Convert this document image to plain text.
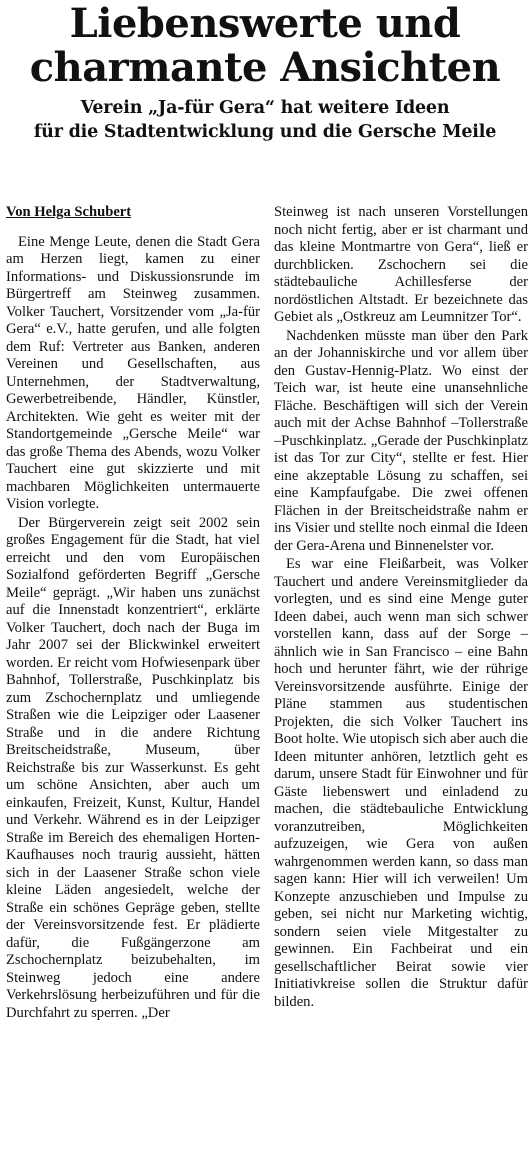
Liebenswerte und
charmante Ansichten
Verein „Ja-für Gera“ hat weitere Ideen
für die Stadtentwicklung und die Gersche Meile
Von Helga Schubert

Eine Menge Leute, denen die Stadt Gera am Herzen liegt, kamen zu einer Informations- und Diskussionsrunde im Bürgertreff am Steinweg zusammen. Volker Tauchert, Vorsitzender vom „Ja-für Gera“ e.V., hatte gerufen, und alle folgten dem Ruf: Vertreter aus Banken, anderen Vereinen und Gesellschaften, aus Unternehmen, der Stadtverwaltung, Gewerbetreibende, Händler, Künstler, Architekten. Wie geht es weiter mit der Standortgemeinde „Gersche Meile“ war das große Thema des Abends, wozu Volker Tauchert eine gut skizzierte und mit machbaren Möglichkeiten untermauerte Vision vorlegte.

Der Bürgerverein zeigt seit 2002 sein großes Engagement für die Stadt, hat viel erreicht und den vom Europäischen Sozialfond geförderten Begriff „Gersche Meile“ geprägt. „Wir haben uns zunächst auf die Innenstadt konzentriert“, erklärte Volker Tauchert, doch nach der Buga im Jahr 2007 sei der Blickwinkel erweitert worden. Er reicht vom Hofwiesenpark über Bahnhof, Tollerstraße, Puschkinplatz bis zum Zschochernplatz und umliegende Straßen wie die Leipziger oder Laasener Straße und in die andere Richtung Breitscheidstraße, Museum, über Reichstraße bis zur Wasserkunst. Es geht um schöne Ansichten, aber auch um einkaufen, Freizeit, Kunst, Kultur, Handel und Verkehr. Während es in der Leipziger Straße im Bereich des ehemaligen Horten-Kaufhauses noch traurig aussieht, hätten sich in der Laasener Straße schon viele kleine Läden angesiedelt, welche der Straße ein schönes Gepräge geben, stellte der Vereinsvorsitzende fest. Er plädierte dafür, die Fußgängerzone am Zschochernplatz beizubehalten, im Steinweg jedoch eine andere Verkehrslösung herbeizuführen und für die Durchfahrt zu sperren. „Der

Steinweg ist nach unseren Vorstellungen noch nicht fertig, aber er ist charmant und das kleine Montmartre von Gera“, ließ er durchblicken. Zschochern sei die städtebauliche Achillesferse der nordöstlichen Altstadt. Er bezeichnete das Gebiet als „Ostkreuz am Leumnitzer Tor“.

Nachdenken müsste man über den Park an der Johanniskirche und vor allem über den Gustav-Hennig-Platz. Wo einst der Teich war, ist heute eine unansehnliche Fläche. Beschäftigen will sich der Verein auch mit der Achse Bahnhof –Tollerstraße –Puschkinplatz. „Gerade der Puschkinplatz ist das Tor zur City“, stellte er fest. Hier eine akzeptable Lösung zu schaffen, sei eine Kampfaufgabe. Die zwei offenen Flächen in der Breitscheidstraße nahm er ins Visier und stellte noch einmal die Ideen der Gera-Arena und Binnenelster vor.

Es war eine Fleißarbeit, was Volker Tauchert und andere Vereinsmitglieder da vorlegten, und es sind eine Menge guter Ideen dabei, auch wenn man sich schwer vorstellen kann, dass auf der Sorge – ähnlich wie in San Francisco – eine Bahn hoch und herunter fährt, wie der rührige Vereinsvorsitzende ausführte. Einige der Pläne stammen aus studentischen Projekten, die sich Volker Tauchert ins Boot holte. Wie utopisch sich aber auch die Ideen mitunter anhören, letztlich geht es darum, unsere Stadt für Einwohner und für Gäste liebenswert und einladend zu machen, die städtebauliche Entwicklung voranzutreiben, Möglichkeiten aufzuzeigen, wie Gera von außen wahrgenommen werden kann, so dass man sagen kann: Hier will ich verweilen! Um Konzepte anzuschieben und Impulse zu geben, sei nicht nur Marketing wichtig, sondern seien viele Mitgestalter zu gewinnen. Ein Fachbeirat und ein gesellschaftlicher Beirat sowie vier Initiativkreise sollen die Struktur dafür bilden.
